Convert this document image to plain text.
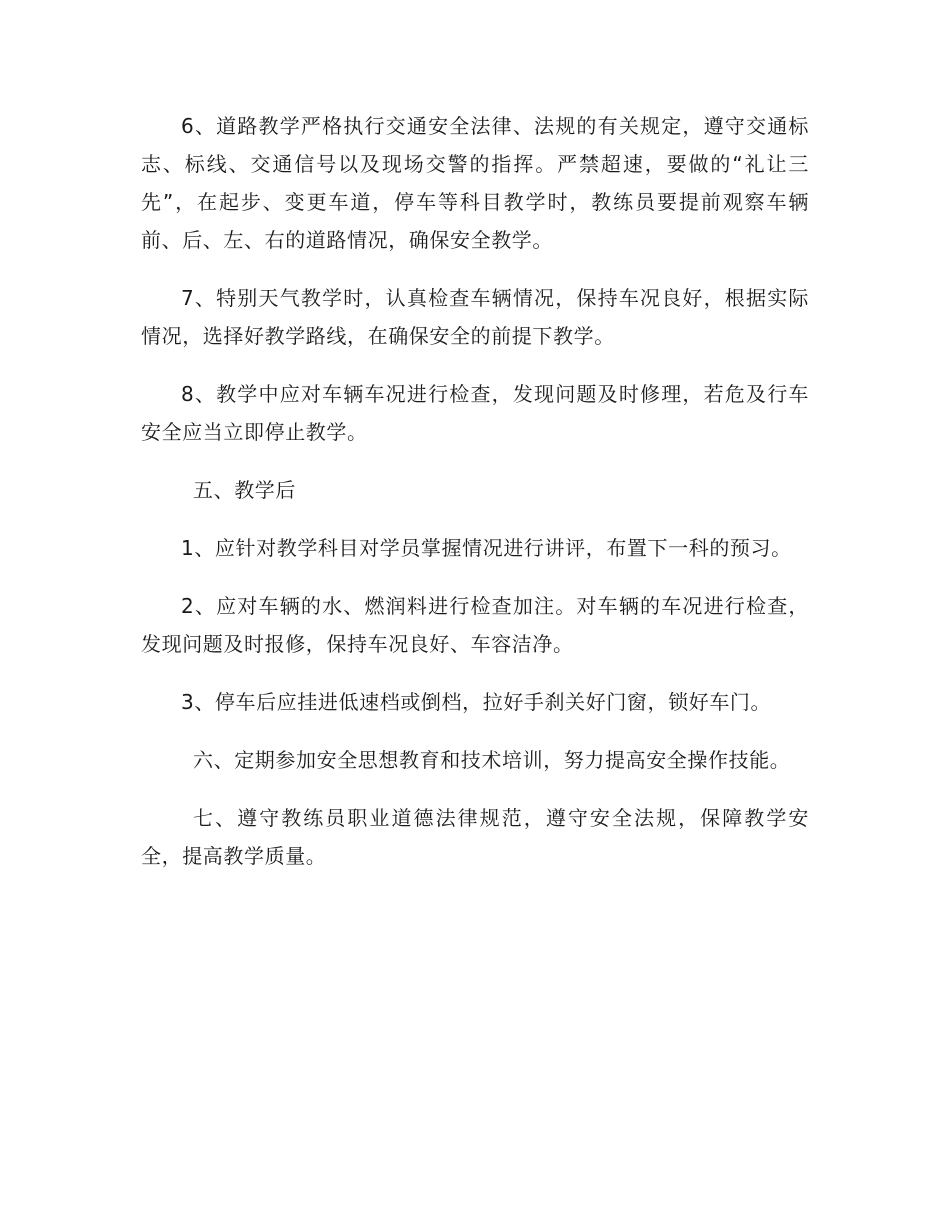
6、道路教学严格执行交通安全法律、法规的有关规定，遵守交通标志、标线、交通信号以及现场交警的指挥。严禁超速，要做的“礼让三先”，在起步、变更车道，停车等科目教学时，教练员要提前观察车辆前、后、左、右的道路情况，确保安全教学。

7、特别天气教学时，认真检查车辆情况，保持车况良好，根据实际情况，选择好教学路线，在确保安全的前提下教学。

8、教学中应对车辆车况进行检查，发现问题及时修理，若危及行车安全应当立即停止教学。

五、教学后

1、应针对教学科目对学员掌握情况进行讲评，布置下一科的预习。

2、应对车辆的水、燃润料进行检查加注。对车辆的车况进行检查，发现问题及时报修，保持车况良好、车容洁净。

3、停车后应挂进低速档或倒档，拉好手刹关好门窗，锁好车门。

六、定期参加安全思想教育和技术培训，努力提高安全操作技能。

七、遵守教练员职业道德法律规范，遵守安全法规，保障教学安全，提高教学质量。
